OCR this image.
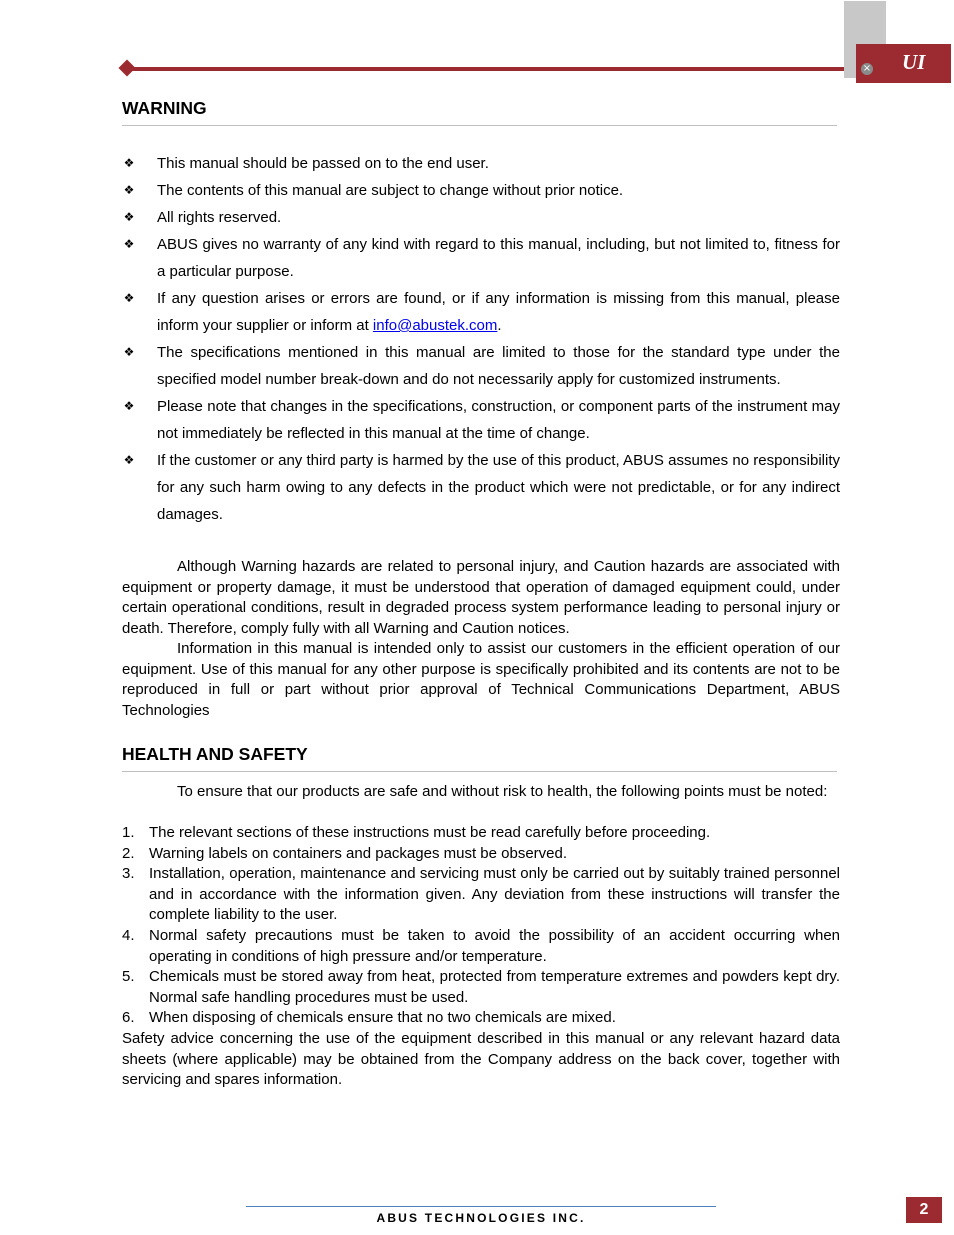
UI
×
WARNING
❖ This manual should be passed on to the end user.
❖ The contents of this manual are subject to change without prior notice.
❖ All rights reserved.
❖ ABUS gives no warranty of any kind with regard to this manual, including, but not limited to, fitness for a particular purpose.
❖ If any question arises or errors are found, or if any information is missing from this manual, please inform your supplier or inform at info@abustek.com.
❖ The specifications mentioned in this manual are limited to those for the standard type under the specified model number break-down and do not necessarily apply for customized instruments.
❖ Please note that changes in the specifications, construction, or component parts of the instrument may not immediately be reflected in this manual at the time of change.
❖ If the customer or any third party is harmed by the use of this product, ABUS assumes no responsibility for any such harm owing to any defects in the product which were not predictable, or for any indirect damages.

Although Warning hazards are related to personal injury, and Caution hazards are associated with equipment or property damage, it must be understood that operation of damaged equipment could, under certain operational conditions, result in degraded process system performance leading to personal injury or death. Therefore, comply fully with all Warning and Caution notices.

Information in this manual is intended only to assist our customers in the efficient operation of our equipment. Use of this manual for any other purpose is specifically prohibited and its contents are not to be reproduced in full or part without prior approval of Technical Communications Department, ABUS Technologies

HEALTH AND SAFETY

To ensure that our products are safe and without risk to health, the following points must be noted:

1. The relevant sections of these instructions must be read carefully before proceeding.
2. Warning labels on containers and packages must be observed.
3. Installation, operation, maintenance and servicing must only be carried out by suitably trained personnel and in accordance with the information given. Any deviation from these instructions will transfer the complete liability to the user.
4. Normal safety precautions must be taken to avoid the possibility of an accident occurring when operating in conditions of high pressure and/or temperature.
5. Chemicals must be stored away from heat, protected from temperature extremes and powders kept dry. Normal safe handling procedures must be used.
6. When disposing of chemicals ensure that no two chemicals are mixed.

Safety advice concerning the use of the equipment described in this manual or any relevant hazard data sheets (where applicable) may be obtained from the Company address on the back cover, together with servicing and spares information.

ABUS TECHNOLOGIES INC.	2
